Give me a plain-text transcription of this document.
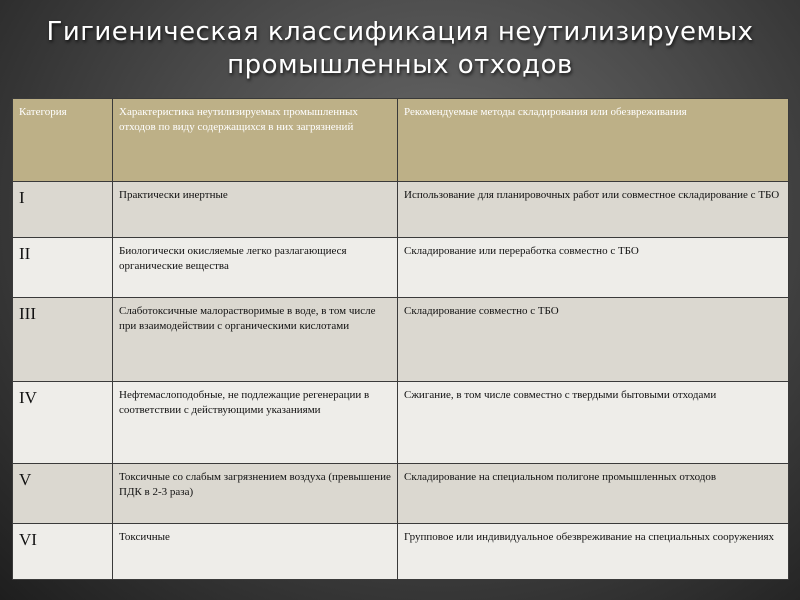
Гигиеническая классификация неутилизируемых
промышленных отходов
Категория	Характеристика неутилизируемых промышленных отходов по виду содержащихся в них загрязнений	Рекомендуемые методы складирования или обезвреживания
I	Практически инертные	Использование для планировочных работ или совместное складирование с ТБО
II	Биологически окисляемые легко разлагающиеся органические вещества	Складирование или переработка совместно с ТБО
III	Слаботоксичные малорастворимые в воде, в том числе при взаимодействии с органическими кислотами	Складирование совместно с ТБО
IV	Нефтемаслоподобные, не подлежащие регенерации в соответствии с действующими указаниями	Сжигание, в том числе совместно с твердыми бытовыми отходами
V	Токсичные со слабым загрязнением воздуха (превышение ПДК в 2-3 раза)	Складирование на специальном полигоне промышленных отходов
VI	Токсичные	Групповое или индивидуальное обезвреживание на специальных сооружениях
